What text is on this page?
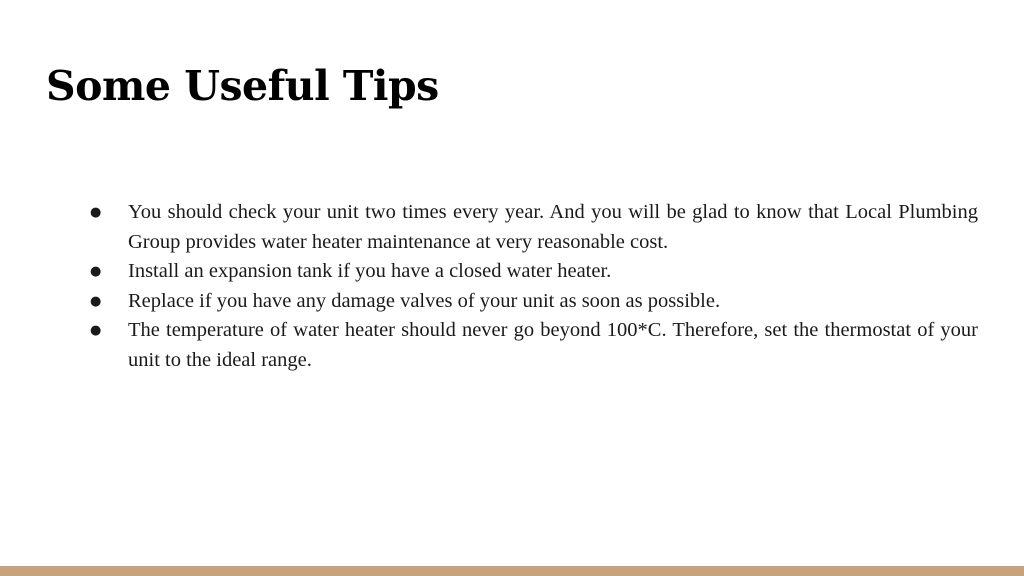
Some Useful Tips
● You should check your unit two times every year. And you will be glad to know that Local Plumbing Group provides water heater maintenance at very reasonable cost.
● Install an expansion tank if you have a closed water heater.
● Replace if you have any damage valves of your unit as soon as possible.
● The temperature of water heater should never go beyond 100*C. Therefore, set the thermostat of your unit to the ideal range.
